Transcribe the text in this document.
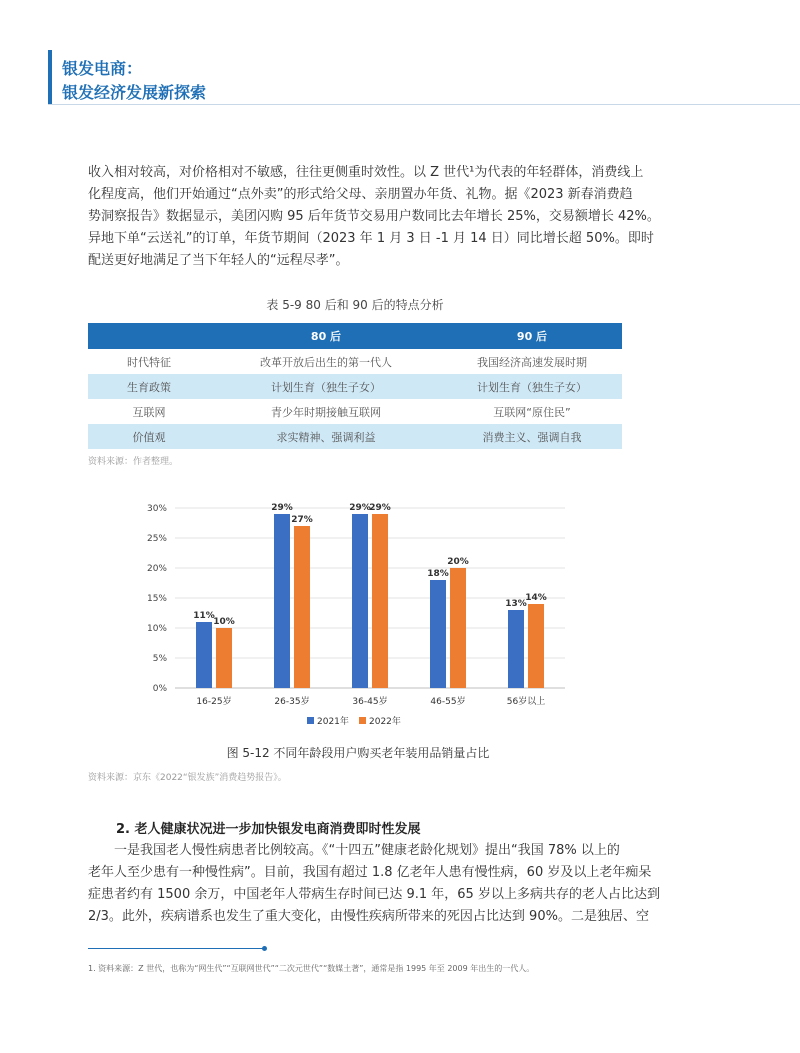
银发电商：
银发经济发展新探索

收入相对较高，对价格相对不敏感，往往更侧重时效性。以 Z 世代¹为代表的年轻群体，消费线上

化程度高，他们开始通过“点外卖”的形式给父母、亲朋置办年货、礼物。据《2023 新春消费趋

势洞察报告》数据显示，美团闪购 95 后年货节交易用户数同比去年增长 25%，交易额增长 42%。

异地下单“云送礼”的订单，年货节期间（2023 年 1 月 3 日 -1 月 14 日）同比增长超 50%。即时

配送更好地满足了当下年轻人的“远程尽孝”。

表 5-9 80 后和 90 后的特点分析
	80 后	90 后
时代特征	改革开放后出生的第一代人	我国经济高速发展时期
生育政策	计划生育（独生子女）	计划生育（独生子女）
互联网	青少年时期接触互联网	互联网“原住民”
价值观	求实精神、强调利益	消费主义、强调自我
资料来源：作者整理。
0%
5%
10%
15%
20%
25%
30%
11%
10%
16-25岁
29%
27%
26-35岁
29%
29%
36-45岁
18%
20%
46-55岁
13%
14%
56岁以上
2021年 2022年
图 5-12 不同年龄段用户购买老年装用品销量占比
资料来源：京东《2022“银发族”消费趋势报告》。
2. 老人健康状况进一步加快银发电商消费即时性发展

　　一是我国老人慢性病患者比例较高。《“十四五”健康老龄化规划》提出“我国 78% 以上的

老年人至少患有一种慢性病”。目前，我国有超过 1.8 亿老年人患有慢性病，60 岁及以上老年痴呆

症患者约有 1500 余万，中国老年人带病生存时间已达 9.1 年，65 岁以上多病共存的老人占比达到

2/3。此外，疾病谱系也发生了重大变化，由慢性疾病所带来的死因占比达到 90%。二是独居、空

1. 资料来源：Z 世代，也称为“网生代”“互联网世代”“二次元世代”“数媒土著”，通常是指 1995 年至 2009 年出生的一代人。
